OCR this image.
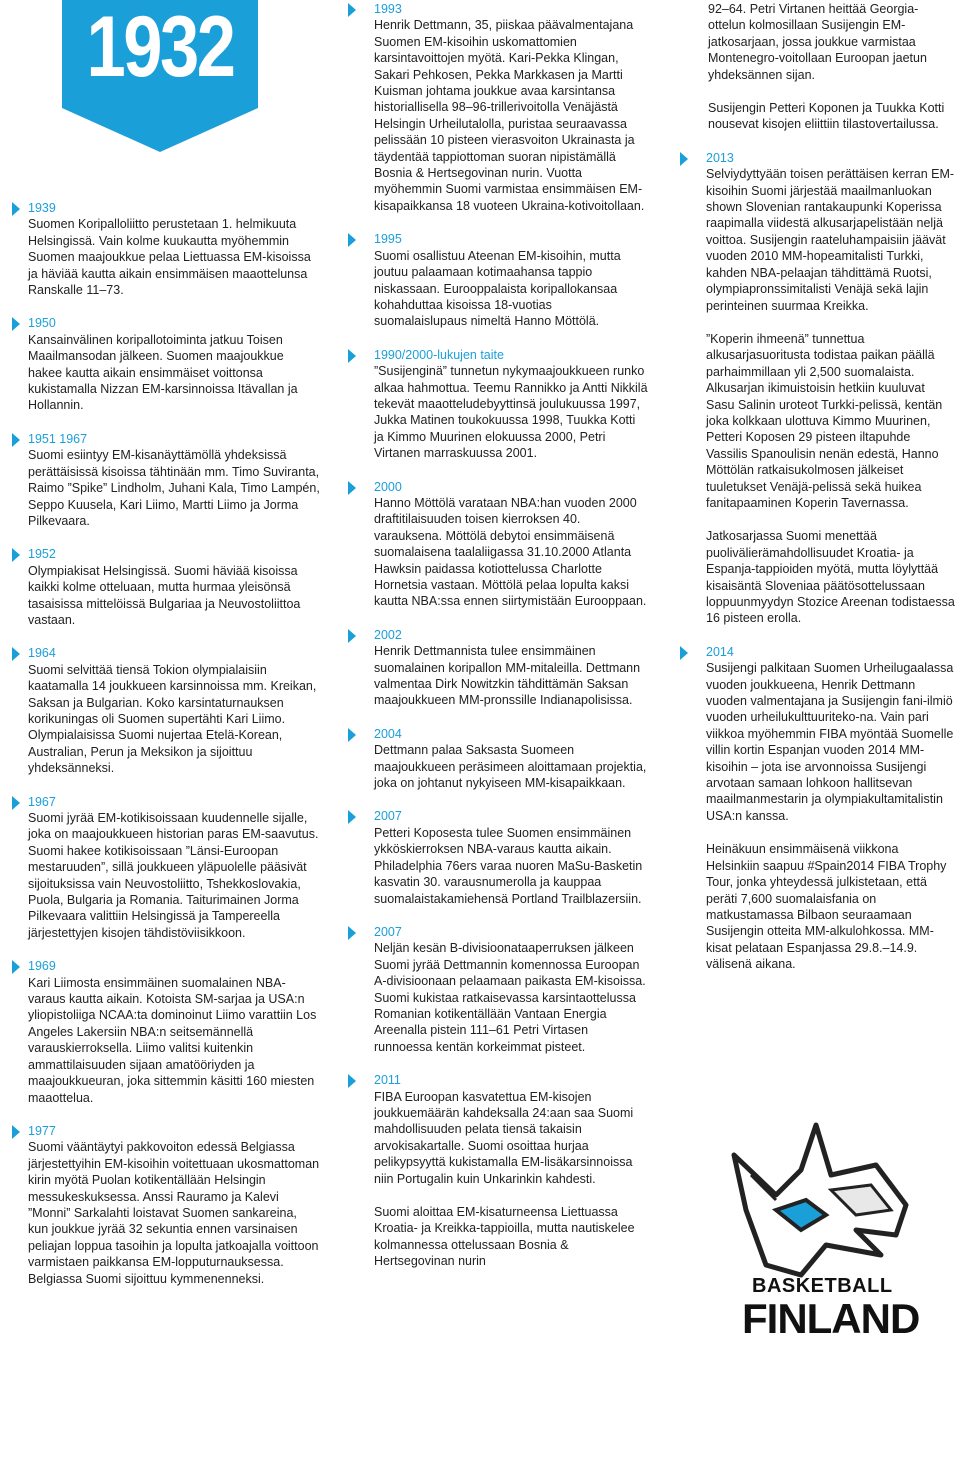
1932
1939

Suomen Koripalloliitto perustetaan 1. helmikuuta Helsingissä. Vain kolme kuukautta myöhemmin Suomen maajoukkue pelaa Liettuassa EM-kisoissa ja häviää kautta aikain ensimmäisen maaottelunsa Ranskalle 11–73.

1950

Kansainvälinen koripallotoiminta jatkuu Toisen Maailmansodan jälkeen. Suomen maajoukkue hakee kautta aikain ensimmäiset voittonsa kukistamalla Nizzan EM-karsinnoissa Itävallan ja Hollannin.

1951 1967

Suomi esiintyy EM-kisanäyttämöllä yhdeksissä perättäisissä kisoissa tähtinään mm. Timo Suviranta, Raimo ”Spike” Lindholm, Juhani Kala, Timo Lampén, Seppo Kuusela, Kari Liimo, Martti Liimo ja Jorma Pilkevaara.

1952

Olympiakisat Helsingissä. Suomi häviää kisoissa kaikki kolme otteluaan, mutta hurmaa yleisönsä tasaisissa mittelöissä Bulgariaa ja Neuvostoliittoa vastaan.

1964

Suomi selvittää tiensä Tokion olympialaisiin kaatamalla 14 joukkueen karsinnoissa mm. Kreikan, Saksan ja Bulgarian. Koko karsintaturnauksen korikuningas oli Suomen supertähti Kari Liimo. Olympialaisissa Suomi nujertaa Etelä-Korean, Australian, Perun ja Meksikon ja sijoittuu yhdeksänneksi.

1967

Suomi jyrää EM-kotikisoissaan kuudennelle sijalle, joka on maajoukkueen historian paras EM-saavutus. Suomi hakee kotikisoissaan ”Länsi-Euroopan mestaruuden”, sillä joukkueen yläpuolelle pääsivät sijoituksissa vain Neuvostoliitto, Tshekkoslovakia, Puola, Bulgaria ja Romania. Taiturimainen Jorma Pilkevaara valittiin Helsingissä ja Tampereella järjestettyjen kisojen tähdistöviisikkoon.

1969

Kari Liimosta ensimmäinen suomalainen NBA-varaus kautta aikain. Kotoista SM-sarjaa ja USA:n yliopistoliiga NCAA:ta dominoinut Liimo varattiin Los Angeles Lakersiin NBA:n seitsemännellä varauskierroksella. Liimo valitsi kuitenkin ammattilaisuuden sijaan amatööriyden ja maajoukkueuran, joka sittemmin käsitti 160 miesten maaottelua.

1977

Suomi vääntäytyi pakkovoiton edessä Belgiassa järjestettyihin EM-kisoihin voitettuaan ukosmattoman kirin myötä Puolan kotikentällään Helsingin messukeskuksessa. Anssi Rauramo ja Kalevi ”Monni” Sarkalahti loistavat Suomen sankareina, kun joukkue jyrää 32 sekuntia ennen varsinaisen peliajan loppua tasoihin ja lopulta jatkoajalla voittoon varmistaen paikkansa EM-lopputurnauksessa. Belgiassa Suomi sijoittuu kymmenenneksi.

1993

Henrik Dettmann, 35, piiskaa päävalmentajana Suomen EM-kisoihin uskomattomien karsintavoittojen myötä. Kari-Pekka Klingan, Sakari Pehkosen, Pekka Markkasen ja Martti Kuisman johtama joukkue avaa karsintansa historiallisella 98–96-trillerivoitolla Venäjästä Helsingin Urheilutalolla, puristaa seuraavassa pelissään 10 pisteen vierasvoiton Ukrainasta ja täydentää tappiottoman suoran nipistämällä Bosnia & Hertsegovinan nurin. Vuotta myöhemmin Suomi varmistaa ensimmäisen EM-kisapaikkansa 18 vuoteen Ukraina-kotivoitollaan.

1995

Suomi osallistuu Ateenan EM-kisoihin, mutta joutuu palaamaan kotimaahansa tappio niskassaan. Eurooppalaista koripallokansaa kohahduttaa kisoissa 18-vuotias suomalaislupaus nimeltä Hanno Möttölä.

1990/2000-lukujen taite

”Susijenginä” tunnetun nykymaajoukkueen runko alkaa hahmottua. Teemu Rannikko ja Antti Nikkilä tekevät maaotteludebyyttinsä joulukuussa 1997, Jukka Matinen toukokuussa 1998, Tuukka Kotti ja Kimmo Muurinen elokuussa 2000, Petri Virtanen marraskuussa 2001.

2000

Hanno Möttölä varataan NBA:han vuoden 2000 draftitilaisuuden toisen kierroksen 40. varauksena. Möttölä debytoi ensimmäisenä suomalaisena taalaliigassa 31.10.2000 Atlanta Hawksin paidassa kotiottelussa Charlotte Hornetsia vastaan. Möttölä pelaa lopulta kaksi kautta NBA:ssa ennen siirtymistään Eurooppaan.

2002

Henrik Dettmannista tulee ensimmäinen suomalainen koripallon MM-mitaleilla. Dettmann valmentaa Dirk Nowitzkin tähdittämän Saksan maajoukkueen MM-pronssille Indianapolisissa.

2004

Dettmann palaa Saksasta Suomeen maajoukkueen peräsimeen aloittamaan projektia, joka on johtanut nykyiseen MM-kisapaikkaan.

2007

Petteri Koposesta tulee Suomen ensimmäinen ykköskierroksen NBA-varaus kautta aikain. Philadelphia 76ers varaa nuoren MaSu-Basketin kasvatin 30. varausnumerolla ja kauppaa suomalaistakamiehensä Portland Trailblazersiin.

2007

Neljän kesän B-divisioonataaperruksen jälkeen Suomi jyrää Dettmannin komennossa Euroopan A-divisioonaan pelaamaan paikasta EM-kisoissa. Suomi kukistaa ratkaisevassa karsintaottelussa Romanian kotikentällään Vantaan Energia Areenalla pistein 111–61 Petri Virtasen runnoessa kentän korkeimmat pisteet.

2011

FIBA Euroopan kasvatettua EM-kisojen joukkuemäärän kahdeksalla 24:aan saa Suomi mahdollisuuden pelata tiensä takaisin arvokisakartalle. Suomi osoittaa hurjaa pelikypsyyttä kukistamalla EM-lisäkarsinnoissa niin Portugalin kuin Unkarinkin kahdesti.

Suomi aloittaa EM-kisaturneensa Liettuassa Kroatia- ja Kreikka-tappioilla, mutta nautiskelee kolmannessa ottelussaan Bosnia & Hertsegovinan nurin

92–64. Petri Virtanen heittää Georgia-ottelun kolmosillaan Susijengin EM-jatkosarjaan, jossa joukkue varmistaa Montenegro-voitollaan Euroopan jaetun yhdeksännen sijan.

Susijengin Petteri Koponen ja Tuukka Kotti nousevat kisojen eliittiin tilastovertailussa.

2013

Selviydyttyään toisen perättäisen kerran EM-kisoihin Suomi järjestää maailmanluokan shown Slovenian rantakaupunki Koperissa raapimalla viidestä alkusarjapelistään neljä voittoa. Susijengin raateluhampaisiin jäävät vuoden 2010 MM-hopeamitalisti Turkki, kahden NBA-pelaajan tähdittämä Ruotsi, olympiapronssimitalisti Venäjä sekä lajin perinteinen suurmaa Kreikka.

”Koperin ihmeenä” tunnettua alkusarjasuoritusta todistaa paikan päällä parhaimmillaan yli 2,500 suomalaista. Alkusarjan ikimuistoisin hetkiin kuuluvat Sasu Salinin uroteot Turkki-pelissä, kentän joka kolkkaan ulottuva Kimmo Muurinen, Petteri Koposen 29 pisteen iltapuhde Vassilis Spanoulisin nenän edestä, Hanno Möttölän ratkaisukolmosen jälkeiset tuuletukset Venäjä-pelissä sekä huikea fanitapaaminen Koperin Tavernassa.

Jatkosarjassa Suomi menettää puolivälierämahdollisuudet Kroatia- ja Espanja-tappioiden myötä, mutta löylyttää kisaisäntä Sloveniaa päätösottelussaan loppuunmyydyn Stozice Areenan todistaessa 16 pisteen erolla.

2014

Susijengi palkitaan Suomen Urheilugaalassa vuoden joukkueena, Henrik Dettmann vuoden valmentajana ja Susijengin fani-ilmiö vuoden urheilukulttuuriteko-na. Vain pari viikkoa myöhemmin FIBA myöntää Suomelle villin kortin Espanjan vuoden 2014 MM-kisoihin – jota ise arvonnoissa Susijengi arvotaan samaan lohkoon hallitsevan maailmanmestarin ja olympiakultamitalistin USA:n kanssa.

Heinäkuun ensimmäisenä viikkona Helsinkiin saapuu #Spain2014 FIBA Trophy Tour, jonka yhteydessä julkistetaan, että peräti 7,600 suomalaisfania on matkustamassa Bilbaon seuraamaan Susijengin otteita MM-alkulohkossa. MM-kisat pelataan Espanjassa 29.8.–14.9. välisenä aikana.

BASKETBALL
FINLAND
